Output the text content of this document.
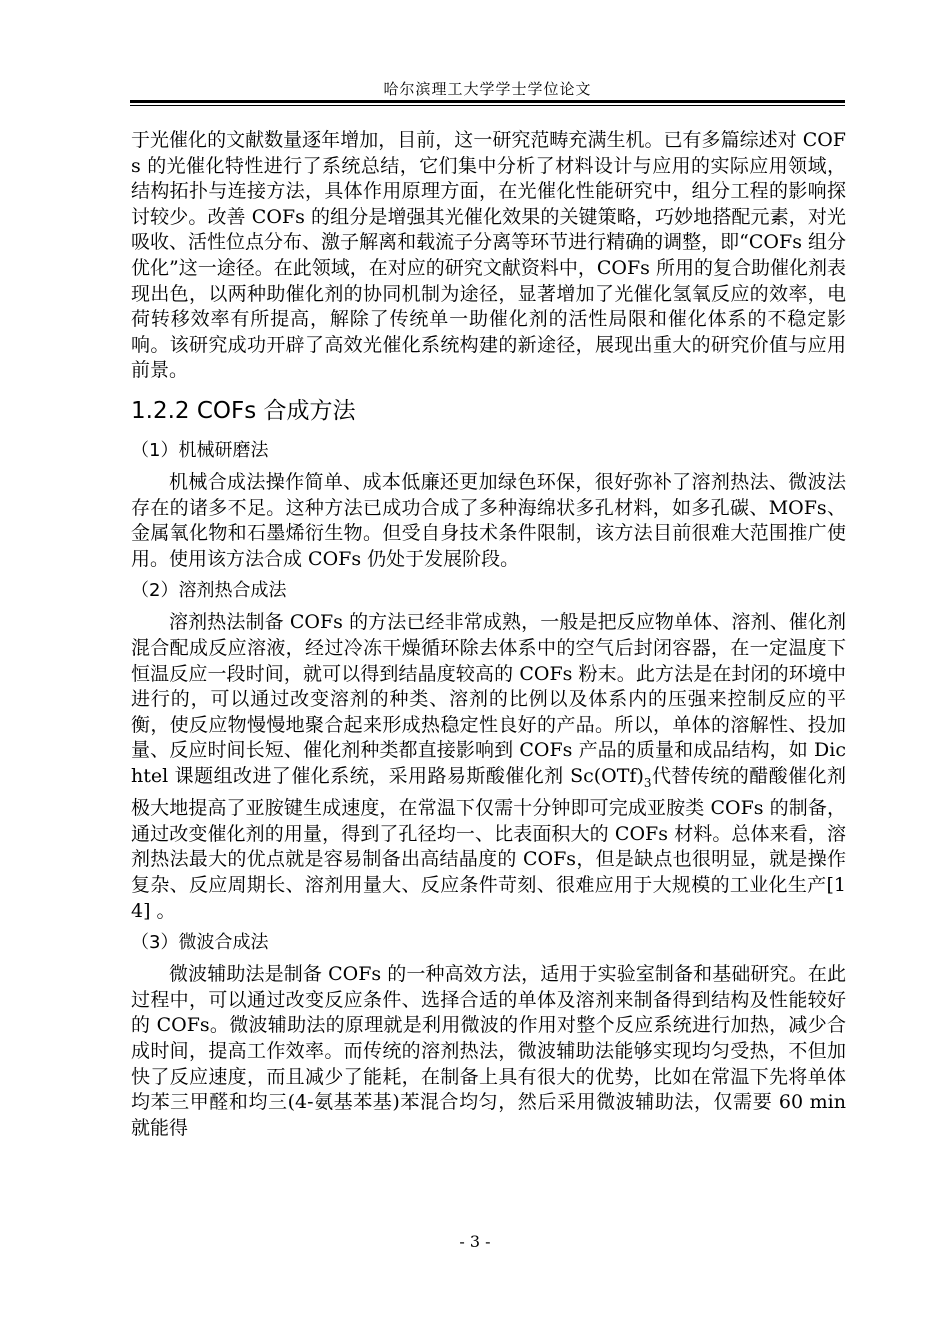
哈尔滨理工大学学士学位论文

于光催化的文献数量逐年增加，目前，这一研究范畴充满生机。已有多篇综述对 COFs 的光催化特性进行了系统总结，它们集中分析了材料设计与应用的实际应用领域，结构拓扑与连接方法，具体作用原理方面，在光催化性能研究中，组分工程的影响探讨较少。改善 COFs 的组分是增强其光催化效果的关键策略，巧妙地搭配元素，对光吸收、活性位点分布、激子解离和载流子分离等环节进行精确的调整，即“COFs 组分优化”这一途径。在此领域，在对应的研究文献资料中，COFs 所用的复合助催化剂表现出色，以两种助催化剂的协同机制为途径，显著增加了光催化氢氧反应的效率，电荷转移效率有所提高，解除了传统单一助催化剂的活性局限和催化体系的不稳定影响。该研究成功开辟了高效光催化系统构建的新途径，展现出重大的研究价值与应用前景。

1.2.2 COFs 合成方法
（1）机械研磨法

机械合成法操作简单、成本低廉还更加绿色环保，很好弥补了溶剂热法、微波法存在的诸多不足。这种方法已成功合成了多种海绵状多孔材料，如多孔碳、MOFs、金属氧化物和石墨烯衍生物。但受自身技术条件限制，该方法目前很难大范围推广使用。使用该方法合成 COFs 仍处于发展阶段。

（2）溶剂热合成法

溶剂热法制备 COFs 的方法已经非常成熟，一般是把反应物单体、溶剂、催化剂混合配成反应溶液，经过冷冻干燥循环除去体系中的空气后封闭容器，在一定温度下恒温反应一段时间，就可以得到结晶度较高的 COFs 粉末。此方法是在封闭的环境中进行的，可以通过改变溶剂的种类、溶剂的比例以及体系内的压强来控制反应的平衡，使反应物慢慢地聚合起来形成热稳定性良好的产品。所以，单体的溶解性、投加量、反应时间长短、催化剂种类都直接影响到 COFs 产品的质量和成品结构，如 Dichtel 课题组改进了催化系统，采用路易斯酸催化剂 $Sc(OTf)_3$代替传统的醋酸催化剂极大地提高了亚胺键生成速度，在常温下仅需十分钟即可完成亚胺类 COFs 的制备，通过改变催化剂的用量，得到了孔径均一、比表面积大的 COFs 材料。总体来看，溶剂热法最大的优点就是容易制备出高结晶度的 COFs，但是缺点也很明显，就是操作复杂、反应周期长、溶剂用量大、反应条件苛刻、很难应用于大规模的工业化生产[14] 。

（3）微波合成法

微波辅助法是制备 COFs 的一种高效方法，适用于实验室制备和基础研究。在此过程中，可以通过改变反应条件、选择合适的单体及溶剂来制备得到结构及性能较好的 COFs。微波辅助法的原理就是利用微波的作用对整个反应系统进行加热，减少合成时间，提高工作效率。而传统的溶剂热法，微波辅助法能够实现均匀受热，不但加快了反应速度，而且减少了能耗，在制备上具有很大的优势，比如在常温下先将单体均苯三甲醛和均三(4-氨基苯基)苯混合均匀，然后采用微波辅助法，仅需要 60 min 就能得

- 3 -
